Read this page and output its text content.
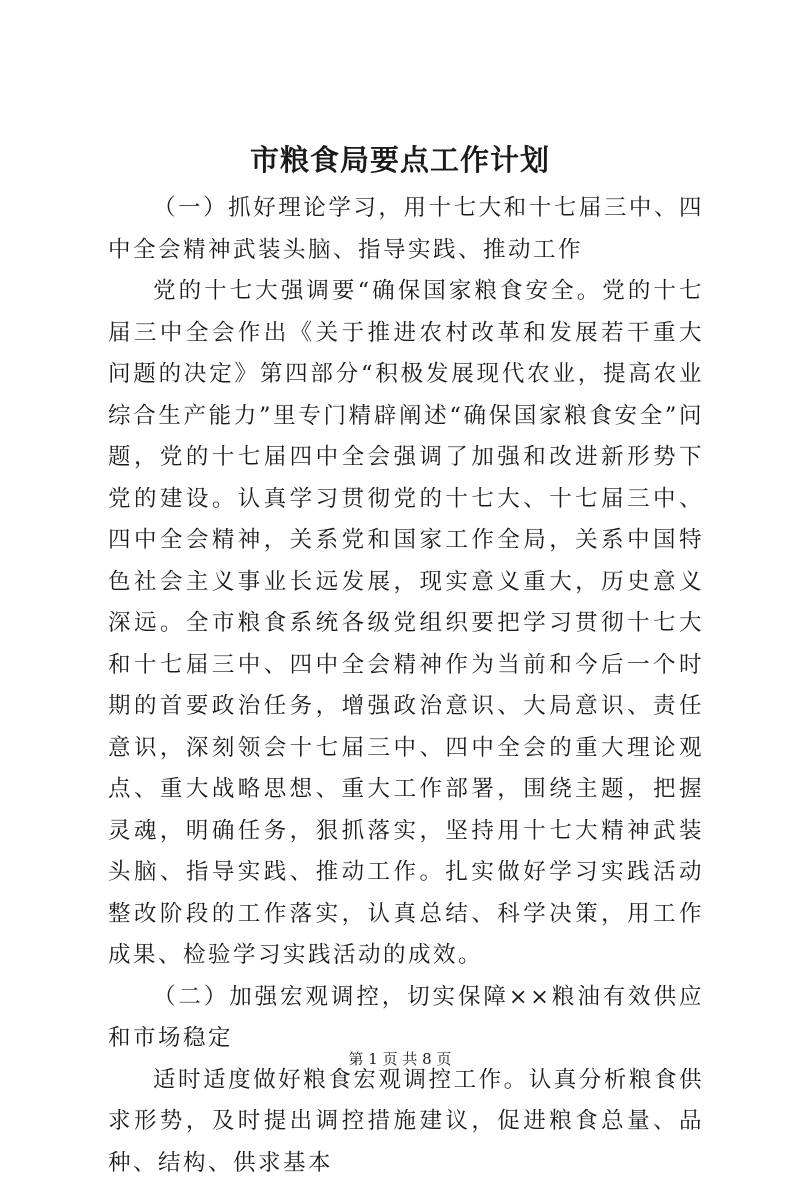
市粮食局要点工作计划

（一）抓好理论学习，用十七大和十七届三中、四中全会精神武装头脑、指导实践、推动工作

党的十七大强调要“确保国家粮食安全。党的十七届三中全会作出《关于推进农村改革和发展若干重大问题的决定》第四部分“积极发展现代农业，提高农业综合生产能力”里专门精辟阐述“确保国家粮食安全”问题，党的十七届四中全会强调了加强和改进新形势下党的建设。认真学习贯彻党的十七大、十七届三中、四中全会精神，关系党和国家工作全局，关系中国特色社会主义事业长远发展，现实意义重大，历史意义深远。全市粮食系统各级党组织要把学习贯彻十七大和十七届三中、四中全会精神作为当前和今后一个时期的首要政治任务，增强政治意识、大局意识、责任意识，深刻领会十七届三中、四中全会的重大理论观点、重大战略思想、重大工作部署，围绕主题，把握灵魂，明确任务，狠抓落实，坚持用十七大精神武装头脑、指导实践、推动工作。扎实做好学习实践活动整改阶段的工作落实，认真总结、科学决策，用工作成果、检验学习实践活动的成效。

（二）加强宏观调控，切实保障××粮油有效供应和市场稳定

适时适度做好粮食宏观调控工作。认真分析粮食供求形势，及时提出调控措施建议，促进粮食总量、品种、结构、供求基本

第 1 页 共 8 页
